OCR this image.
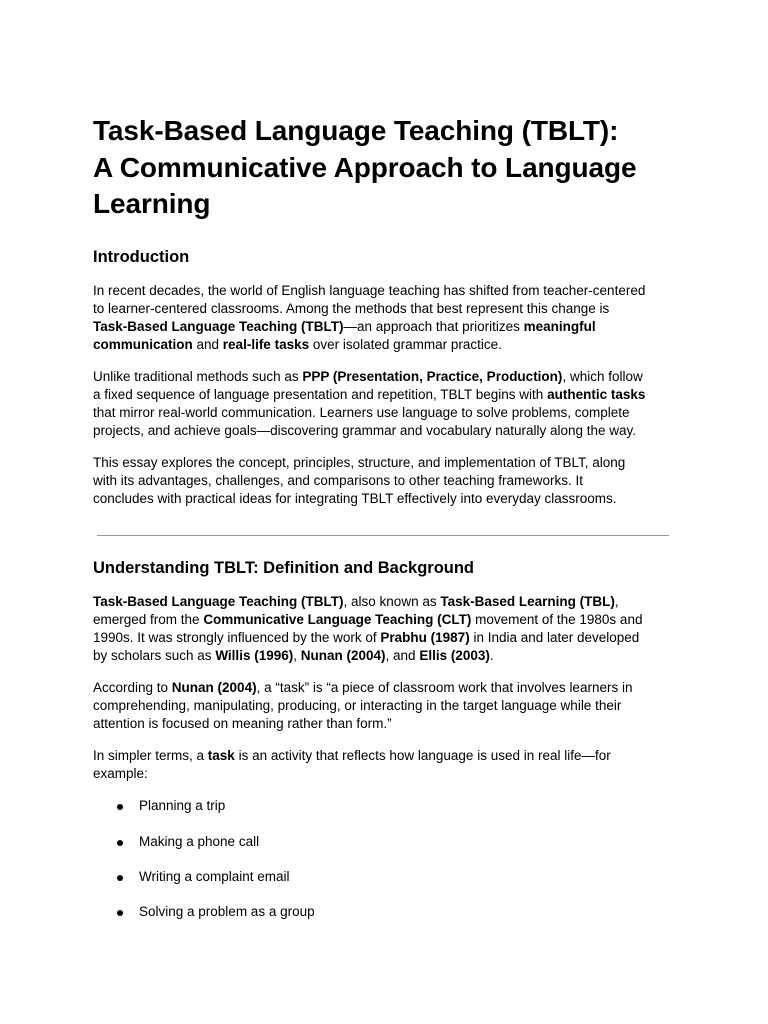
Task-Based Language Teaching (TBLT):
A Communicative Approach to Language
Learning
Introduction

In recent decades, the world of English language teaching has shifted from teacher-centered
to learner-centered classrooms. Among the methods that best represent this change is
Task-Based Language Teaching (TBLT)—an approach that prioritizes meaningful
communication and real-life tasks over isolated grammar practice.

Unlike traditional methods such as PPP (Presentation, Practice, Production), which follow
a fixed sequence of language presentation and repetition, TBLT begins with authentic tasks
that mirror real-world communication. Learners use language to solve problems, complete
projects, and achieve goals—discovering grammar and vocabulary naturally along the way.

This essay explores the concept, principles, structure, and implementation of TBLT, along
with its advantages, challenges, and comparisons to other teaching frameworks. It
concludes with practical ideas for integrating TBLT effectively into everyday classrooms.

Understanding TBLT: Definition and Background

Task-Based Language Teaching (TBLT), also known as Task-Based Learning (TBL),
emerged from the Communicative Language Teaching (CLT) movement of the 1980s and
1990s. It was strongly influenced by the work of Prabhu (1987) in India and later developed
by scholars such as Willis (1996), Nunan (2004), and Ellis (2003).

According to Nunan (2004), a “task” is “a piece of classroom work that involves learners in
comprehending, manipulating, producing, or interacting in the target language while their
attention is focused on meaning rather than form.”

In simpler terms, a task is an activity that reflects how language is used in real life—for
example:

Planning a trip
Making a phone call
Writing a complaint email
Solving a problem as a group
